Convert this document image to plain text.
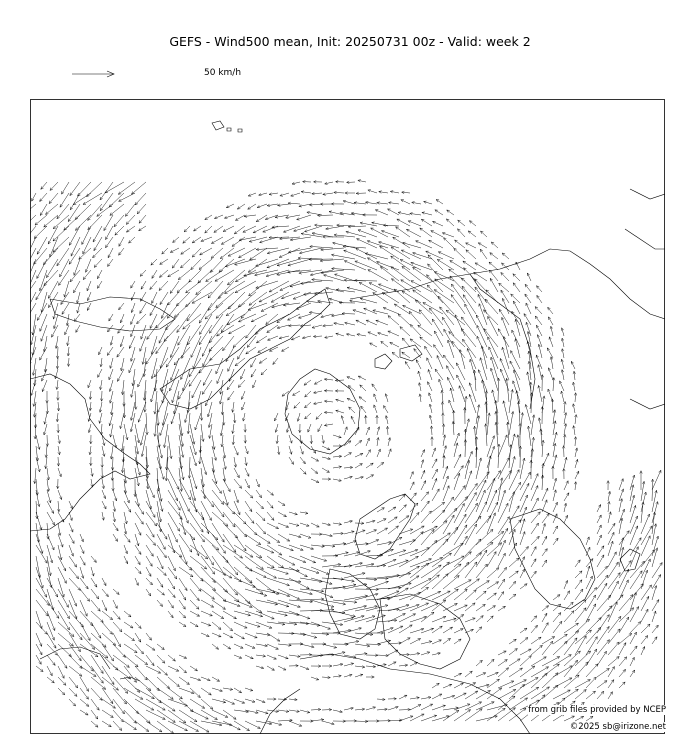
GEFS - Wind500 mean, Init: 20250731 00z - Valid: week 2
50 km/h
from grib files provided by NCEP
©2025 sb@irizone.net
